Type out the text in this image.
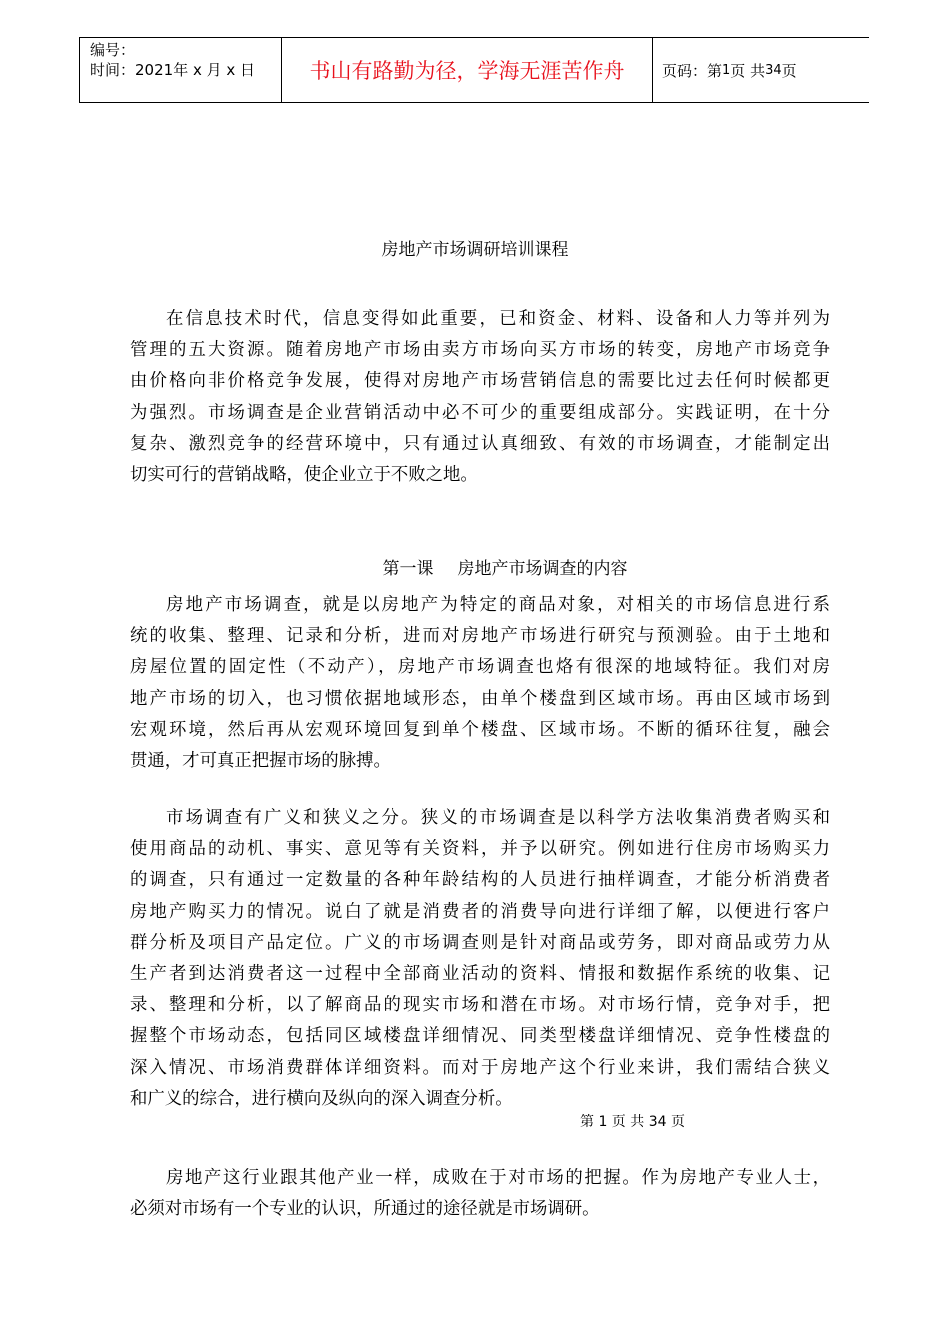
编号：
时间：2021年 x 月 x 日	书山有路勤为径，学海无涯苦作舟	页码：第 1 页 共 34 页
房地产市场调研培训课程
在信息技术时代，信息变得如此重要，已和资金、材料、设备和人力等并列为
管理的五大资源。随着房地产市场由卖方市场向买方市场的转变，房地产市场竞争
由价格向非价格竞争发展，使得对房地产市场营销信息的需要比过去任何时候都更
为强烈。市场调查是企业营销活动中必不可少的重要组成部分。实践证明，在十分
复杂、激烈竞争的经营环境中，只有通过认真细致、有效的市场调查，才能制定出
切实可行的营销战略，使企业立于不败之地。
第一课 房地产市场调查的内容
房地产市场调查，就是以房地产为特定的商品对象，对相关的市场信息进行系
统的收集、整理、记录和分析，进而对房地产市场进行研究与预测验。由于土地和
房屋位置的固定性（不动产），房地产市场调查也烙有很深的地域特征。我们对房
地产市场的切入，也习惯依据地域形态，由单个楼盘到区域市场。再由区域市场到
宏观环境，然后再从宏观环境回复到单个楼盘、区域市场。不断的循环往复，融会
贯通，才可真正把握市场的脉搏。
市场调查有广义和狭义之分。狭义的市场调查是以科学方法收集消费者购买和
使用商品的动机、事实、意见等有关资料，并予以研究。例如进行住房市场购买力
的调查，只有通过一定数量的各种年龄结构的人员进行抽样调查，才能分析消费者
房地产购买力的情况。说白了就是消费者的消费导向进行详细了解，以便进行客户
群分析及项目产品定位。广义的市场调查则是针对商品或劳务，即对商品或劳力从
生产者到达消费者这一过程中全部商业活动的资料、情报和数据作系统的收集、记
录、整理和分析，以了解商品的现实市场和潜在市场。对市场行情，竞争对手，把
握整个市场动态，包括同区域楼盘详细情况、同类型楼盘详细情况、竞争性楼盘的
深入情况、市场消费群体详细资料。而对于房地产这个行业来讲，我们需结合狭义
和广义的综合，进行横向及纵向的深入调查分析。
房地产这行业跟其他产业一样，成败在于对市场的把握。作为房地产专业人士，
必须对市场有一个专业的认识，所通过的途径就是市场调研。
第 1 页 共 34 页
